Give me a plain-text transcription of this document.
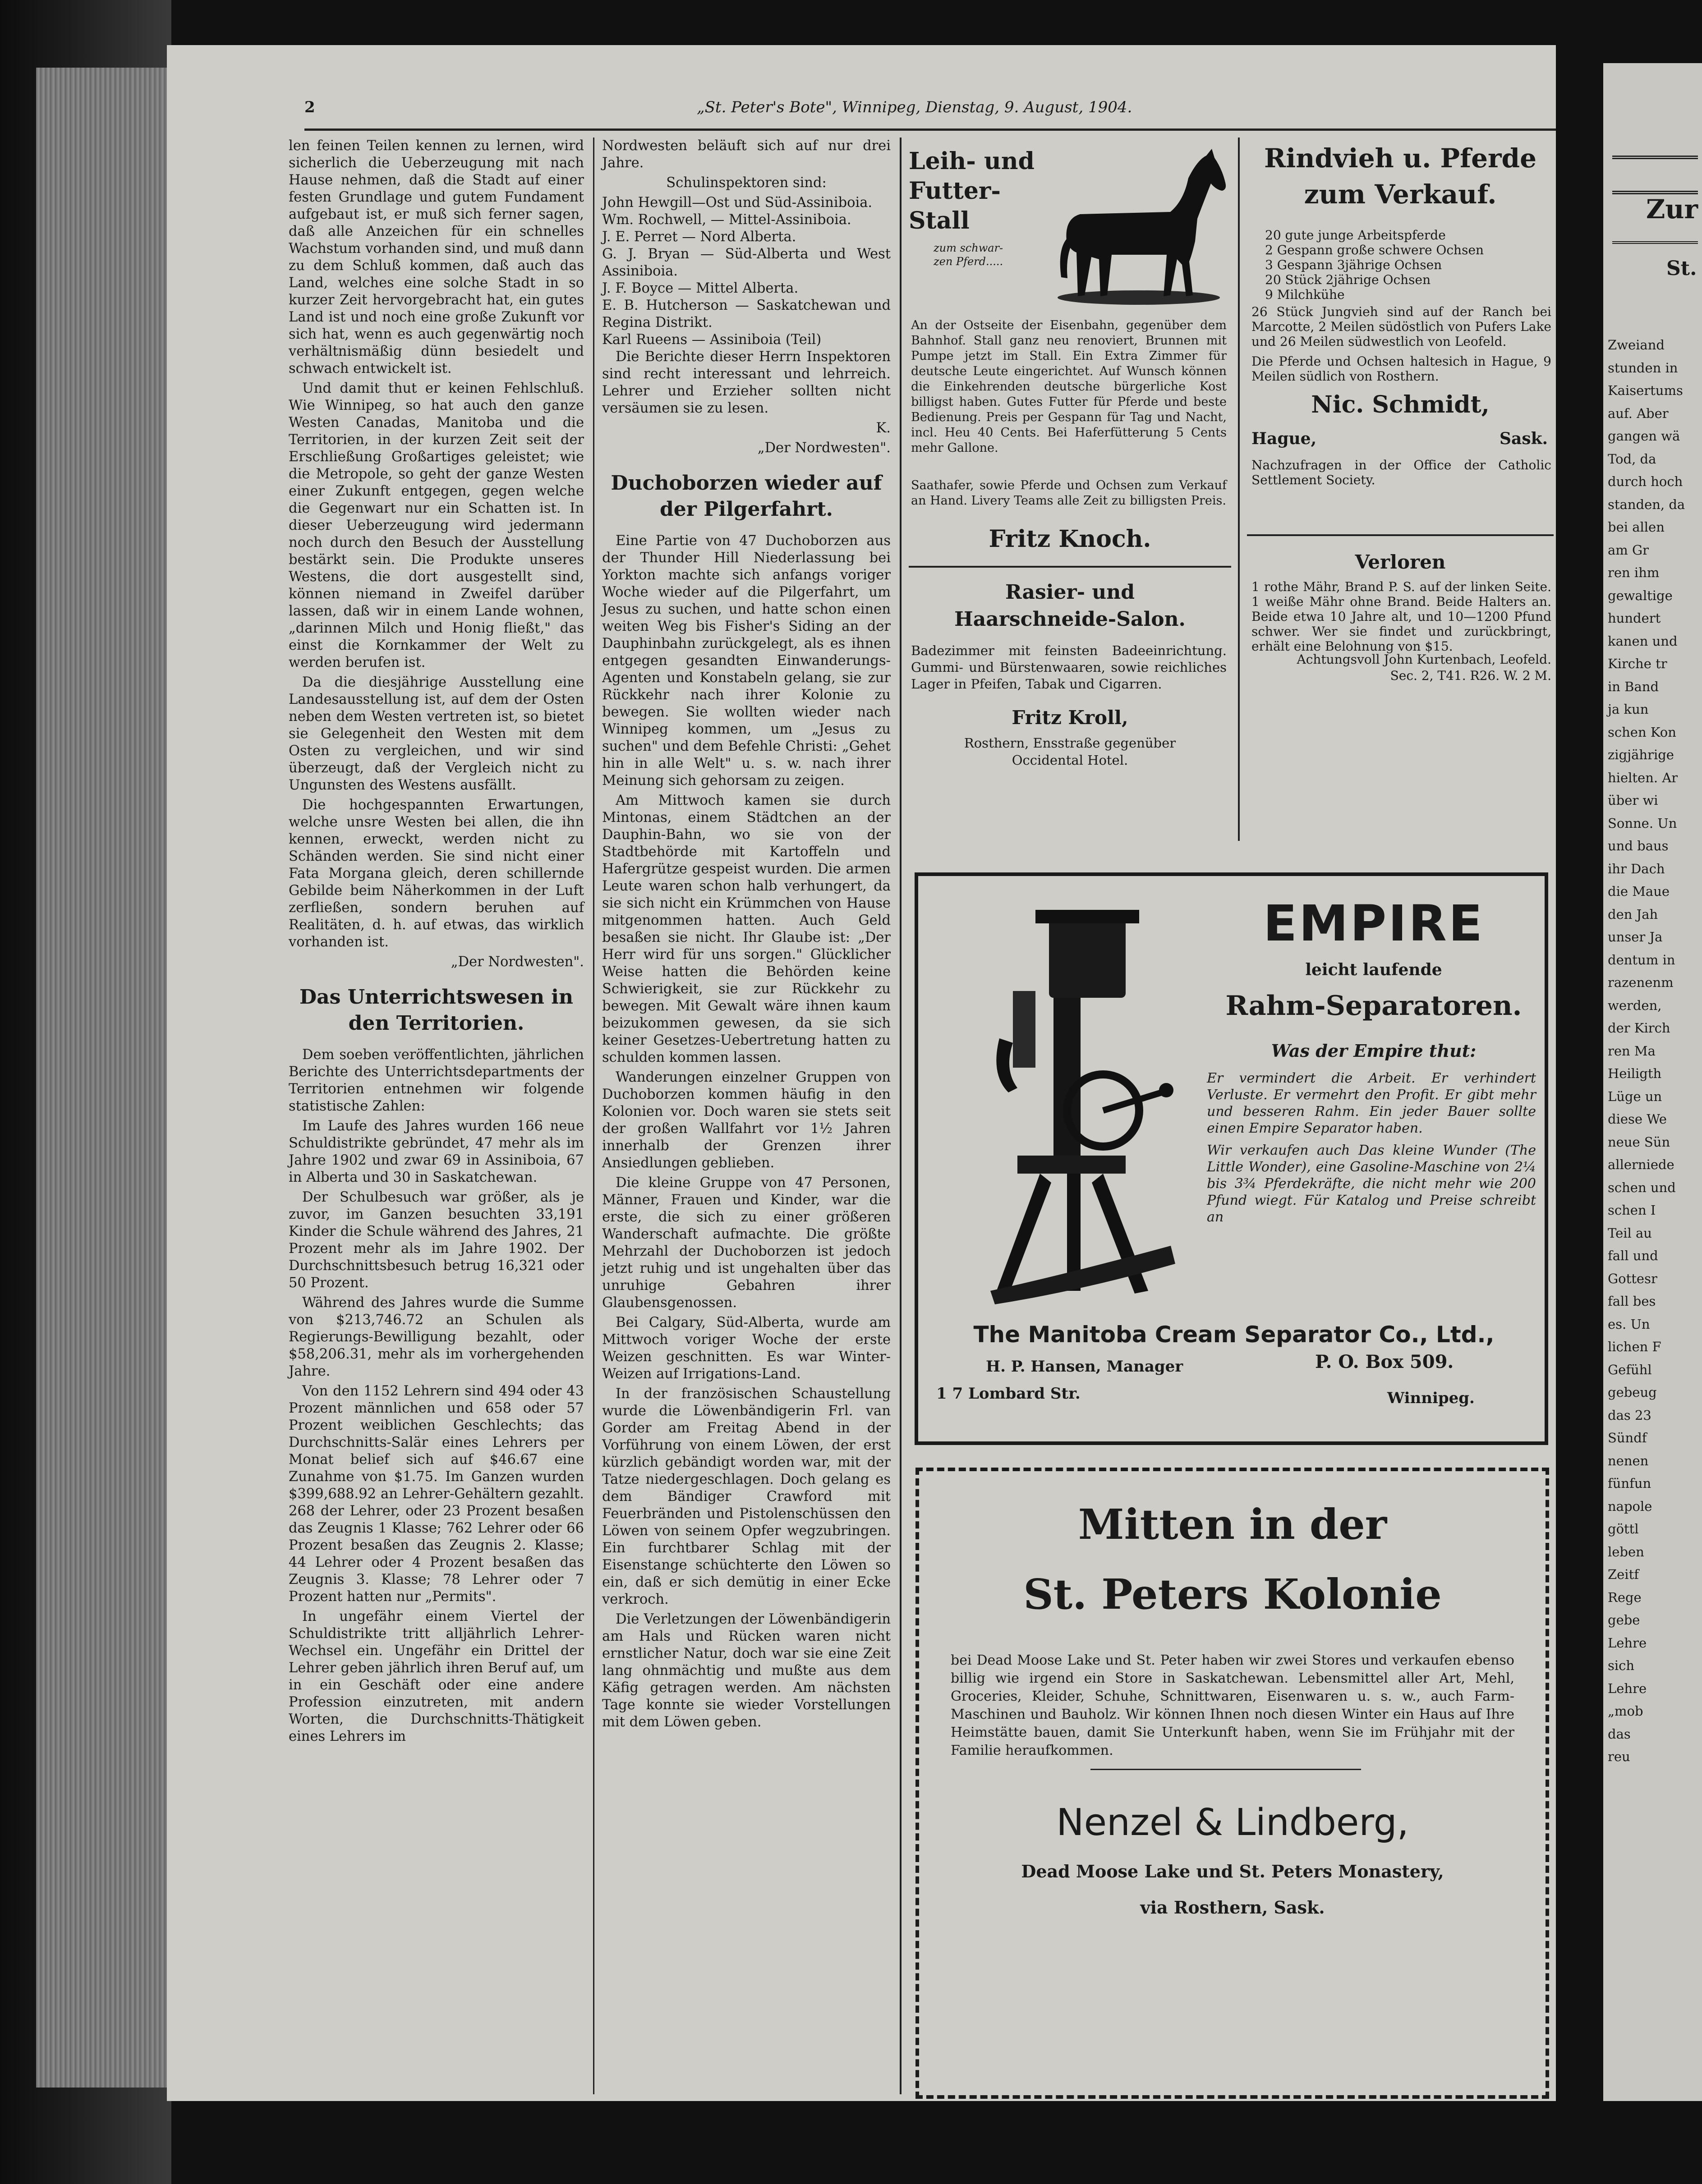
2	„St. Peter's Bote", Winnipeg, Dienstag, 9. August, 1904.

len feinen Teilen kennen zu lernen, wird sicherlich die Ueberzeugung mit nach Hause nehmen, daß die Stadt auf einer festen Grundlage und gutem Fundament aufgebaut ist, er muß sich ferner sagen, daß alle Anzeichen für ein schnelles Wachstum vorhanden sind, und muß dann zu dem Schluß kommen, daß auch das Land, welches eine solche Stadt in so kurzer Zeit hervorgebracht hat, ein gutes Land ist und noch eine große Zukunft vor sich hat, wenn es auch gegenwärtig noch verhältnismäßig dünn besiedelt und schwach entwickelt ist.

Und damit thut er keinen Fehlschluß. Wie Winnipeg, so hat auch den ganze Westen Canadas, Manitoba und die Territorien, in der kurzen Zeit seit der Erschließung Großartiges geleistet; wie die Metropole, so geht der ganze Westen einer Zukunft entgegen, gegen welche die Gegenwart nur ein Schatten ist. In dieser Ueberzeugung wird jedermann noch durch den Besuch der Ausstellung bestärkt sein. Die Produkte unseres Westens, die dort ausgestellt sind, können niemand in Zweifel darüber lassen, daß wir in einem Lande wohnen, „darinnen Milch und Honig fließt," das einst die Kornkammer der Welt zu werden berufen ist.

Da die diesjährige Ausstellung eine Landesausstellung ist, auf dem der Osten neben dem Westen vertreten ist, so bietet sie Gelegenheit den Westen mit dem Osten zu vergleichen, und wir sind überzeugt, daß der Vergleich nicht zu Ungunsten des Westens ausfällt.

Die hochgespannten Erwartungen, welche unsre Westen bei allen, die ihn kennen, erweckt, werden nicht zu Schänden werden. Sie sind nicht einer Fata Morgana gleich, deren schillernde Gebilde beim Näherkommen in der Luft zerfließen, sondern beruhen auf Realitäten, d. h. auf etwas, das wirklich vorhanden ist.

„Der Nordwesten".

Das Unterrichtswesen in den Territorien.

Dem soeben veröffentlichten, jährlichen Berichte des Unterrichtsdepartments der Territorien entnehmen wir folgende statistische Zahlen:

Im Laufe des Jahres wurden 166 neue Schuldistrikte gebründet, 47 mehr als im Jahre 1902 und zwar 69 in Assiniboia, 67 in Alberta und 30 in Saskatchewan.

Der Schulbesuch war größer, als je zuvor, im Ganzen besuchten 33,191 Kinder die Schule während des Jahres, 21 Prozent mehr als im Jahre 1902. Der Durchschnittsbesuch betrug 16,321 oder 50 Prozent.

Während des Jahres wurde die Summe von $213,746.72 an Schulen als Regierungs-Bewilligung bezahlt, oder $58,206.31, mehr als im vorhergehenden Jahre.

Von den 1152 Lehrern sind 494 oder 43 Prozent männlichen und 658 oder 57 Prozent weiblichen Geschlechts; das Durchschnitts-Salär eines Lehrers per Monat belief sich auf $46.67 eine Zunahme von $1.75. Im Ganzen wurden $399,688.92 an Lehrer-Gehältern gezahlt. 268 der Lehrer, oder 23 Prozent besaßen das Zeugnis 1 Klasse; 762 Lehrer oder 66 Prozent besaßen das Zeugnis 2. Klasse; 44 Lehrer oder 4 Prozent besaßen das Zeugnis 3. Klasse; 78 Lehrer oder 7 Prozent hatten nur „Permits".

In ungefähr einem Viertel der Schuldistrikte tritt alljährlich Lehrer-Wechsel ein. Ungefähr ein Drittel der Lehrer geben jährlich ihren Beruf auf, um in ein Geschäft oder eine andere Profession einzutreten, mit andern Worten, die Durchschnitts-Thätigkeit eines Lehrers im

Nordwesten beläuft sich auf nur drei Jahre.

Schulinspektoren sind:

John Hewgill—Ost und Süd-Assiniboia.

Wm. Rochwell, — Mittel-Assiniboia.

J. E. Perret — Nord Alberta.

G. J. Bryan — Süd-Alberta und West Assiniboia.

J. F. Boyce — Mittel Alberta.

E. B. Hutcherson — Saskatchewan und Regina Distrikt.

Karl Rueens — Assiniboia (Teil)

Die Berichte dieser Herrn Inspektoren sind recht interessant und lehrreich. Lehrer und Erzieher sollten nicht versäumen sie zu lesen.

K.

„Der Nordwesten".

Duchoborzen wieder auf der Pilgerfahrt.

Eine Partie von 47 Duchoborzen aus der Thunder Hill Niederlassung bei Yorkton machte sich anfangs voriger Woche wieder auf die Pilgerfahrt, um Jesus zu suchen, und hatte schon einen weiten Weg bis Fisher's Siding an der Dauphinbahn zurückgelegt, als es ihnen entgegen gesandten Einwanderungs-Agenten und Konstabeln gelang, sie zur Rückkehr nach ihrer Kolonie zu bewegen. Sie wollten wieder nach Winnipeg kommen, um „Jesus zu suchen" und dem Befehle Christi: „Gehet hin in alle Welt" u. s. w. nach ihrer Meinung sich gehorsam zu zeigen.

Am Mittwoch kamen sie durch Mintonas, einem Städtchen an der Dauphin-Bahn, wo sie von der Stadtbehörde mit Kartoffeln und Hafergrütze gespeist wurden. Die armen Leute waren schon halb verhungert, da sie sich nicht ein Krümmchen von Hause mitgenommen hatten. Auch Geld besaßen sie nicht. Ihr Glaube ist: „Der Herr wird für uns sorgen." Glücklicher Weise hatten die Behörden keine Schwierigkeit, sie zur Rückkehr zu bewegen. Mit Gewalt wäre ihnen kaum beizukommen gewesen, da sie sich keiner Gesetzes-Uebertretung hatten zu schulden kommen lassen.

Wanderungen einzelner Gruppen von Duchoborzen kommen häufig in den Kolonien vor. Doch waren sie stets seit der großen Wallfahrt vor 1½ Jahren innerhalb der Grenzen ihrer Ansiedlungen geblieben.

Die kleine Gruppe von 47 Personen, Männer, Frauen und Kinder, war die erste, die sich zu einer größeren Wanderschaft aufmachte. Die größte Mehrzahl der Duchoborzen ist jedoch jetzt ruhig und ist ungehalten über das unruhige Gebahren ihrer Glaubensgenossen.

Bei Calgary, Süd-Alberta, wurde am Mittwoch voriger Woche der erste Weizen geschnitten. Es war Winter-Weizen auf Irrigations-Land.

In der französischen Schaustellung wurde die Löwenbändigerin Frl. van Gorder am Freitag Abend in der Vorführung von einem Löwen, der erst kürzlich gebändigt worden war, mit der Tatze niedergeschlagen. Doch gelang es dem Bändiger Crawford mit Feuerbränden und Pistolenschüssen den Löwen von seinem Opfer wegzubringen. Ein furchtbarer Schlag mit der Eisenstange schüchterte den Löwen so ein, daß er sich demütig in einer Ecke verkroch.

Die Verletzungen der Löwenbändigerin am Hals und Rücken waren nicht ernstlicher Natur, doch war sie eine Zeit lang ohnmächtig und mußte aus dem Käfig getragen werden. Am nächsten Tage konnte sie wieder Vorstellungen mit dem Löwen geben.

Leih- und
Futter-
Stall
zum schwar-
zen Pferd.....
An der Ostseite der Eisenbahn, gegenüber dem Bahnhof. Stall ganz neu renoviert, Brunnen mit Pumpe jetzt im Stall. Ein Extra Zimmer für deutsche Leute eingerichtet. Auf Wunsch können die Einkehrenden deutsche bürgerliche Kost billigst haben. Gutes Futter für Pferde und beste Bedienung. Preis per Gespann für Tag und Nacht, incl. Heu 40 Cents. Bei Haferfütterung 5 Cents mehr Gallone.
Saathafer, sowie Pferde und Ochsen zum Verkauf an Hand. Livery Teams alle Zeit zu billigsten Preis.
Fritz Knoch.
Rasier- und
Haarschneide-Salon.
Badezimmer mit feinsten Badeeinrichtung. Gummi- und Bürstenwaaren, sowie reichliches Lager in Pfeifen, Tabak und Cigarren.
Fritz Kroll,
Rosthern, Ensstraße gegenüber
Occidental Hotel.
Rindvieh u. Pferde
zum Verkauf.
20 gute junge Arbeitspferde
2 Gespann große schwere Ochsen
3 Gespann 3jährige Ochsen
20 Stück 2jährige Ochsen
9 Milchkühe
26 Stück Jungvieh sind auf der Ranch bei Marcotte, 2 Meilen südöstlich von Pufers Lake und 26 Meilen südwestlich von Leofeld.
Die Pferde und Ochsen haltesich in Hague, 9 Meilen südlich von Rosthern.
Nic. Schmidt,
Hague,	Sask.
Nachzufragen in der Office der Catholic Settlement Society.
Verloren
1 rothe Mähr, Brand P. S. auf der linken Seite. 1 weiße Mähr ohne Brand. Beide Halters an. Beide etwa 10 Jahre alt, und 10—1200 Pfund schwer. Wer sie findet und zurückbringt, erhält eine Belohnung von $15.
Achtungsvoll John Kurtenbach, Leofeld.
Sec. 2, T41. R26. W. 2 M.
EMPIRE
leicht laufende
Rahm-Separatoren.
Was der Empire thut:
Er vermindert die Arbeit. Er verhindert Verluste. Er vermehrt den Profit. Er gibt mehr und besseren Rahm. Ein jeder Bauer sollte einen Empire Separator haben.
Wir verkaufen auch Das kleine Wunder (The Little Wonder), eine Gasoline-Maschine von 2¼ bis 3¾ Pferdekräfte, die nicht mehr wie 200 Pfund wiegt. Für Katalog und Preise schreibt an
The Manitoba Cream Separator Co., Ltd.,
H. P. Hansen, Manager	P. O. Box 509.
1 7 Lombard Str.	Winnipeg.
Mitten in der
St. Peters Kolonie
bei Dead Moose Lake und St. Peter haben wir zwei Stores und verkaufen ebenso billig wie irgend ein Store in Saskatchewan. Lebensmittel aller Art, Mehl, Groceries, Kleider, Schuhe, Schnittwaren, Eisenwaren u. s. w., auch Farm-Maschinen und Bauholz. Wir können Ihnen noch diesen Winter ein Haus auf Ihre Heimstätte bauen, damit Sie Unterkunft haben, wenn Sie im Frühjahr mit der Familie heraufkommen.
Nenzel & Lindberg,
Dead Moose Lake und St. Peters Monastery,
via Rosthern, Sask.
Zur
St.
Zweiand
stunden in
Kaisertums
auf. Aber
gangen wä
Tod, da
durch hoch
standen, da
bei allen
am Gr
ren ihm
gewaltige
hundert
kanen und
Kirche tr
in Band
ja kun
schen Kon
zigjährige
hielten. Ar
über wi
Sonne. Un
und baus
ihr Dach
die Maue
den Jah
unser Ja
dentum in
razenenm
werden,
der Kirch
ren Ma
Heiligth
Lüge un
diese We
neue Sün
allerniede
schen und
schen I
Teil au
fall und
Gottesr
fall bes
es. Un
lichen F
Gefühl
gebeug
das 23
Sündf
nenen
fünfun
napole
göttl
leben
Zeitf
Rege
gebe
Lehre
sich
Lehre
„mob
das
reu
